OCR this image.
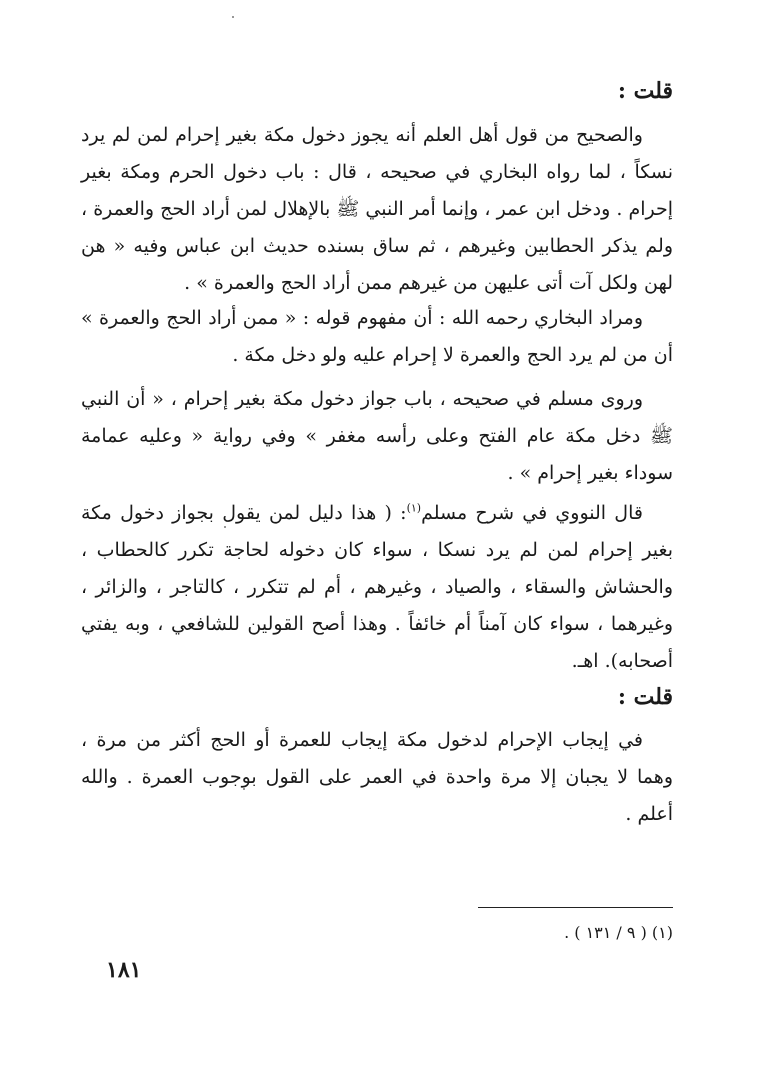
قلت :

والصحيح من قول أهل العلم أنه يجوز دخول مكة بغير إحرام لمن لم يرد نسكاً ، لما رواه البخاري في صحيحه ، قال : باب دخول الحرم ومكة بغير إحرام . ودخل ابن عمر ، وإنما أمر النبي ﷺ بالإهلال لمن أراد الحج والعمرة ، ولم يذكر الحطابين وغيرهم ، ثم ساق بسنده حديث ابن عباس وفيه « هن لهن ولكل آت أتى عليهن من غيرهم ممن أراد الحج والعمرة » .

ومراد البخاري رحمه الله : أن مفهوم قوله : « ممن أراد الحج والعمرة » أن من لم يرد الحج والعمرة لا إحرام عليه ولو دخل مكة .

وروى مسلم في صحيحه ، باب جواز دخول مكة بغير إحرام ، « أن النبي ﷺ دخل مكة عام الفتح وعلى رأسه مغفر » وفي رواية « وعليه عمامة سوداء بغير إحرام » .

قال النووي في شرح مسلم$^{(١)}$: ( هذا دليل لمن يقول بجواز دخول مكة بغير إحرام لمن لم يرد نسكا ، سواء كان دخوله لحاجة تكرر كالحطاب ، والحشاش والسقاء ، والصياد ، وغيرهم ، أم لم تتكرر ، كالتاجر ، والزائر ، وغيرهما ، سواء كان آمناً أم خائفاً . وهذا أصح القولين للشافعي ، وبه يفتي أصحابه). اهـ.

قلت :

في إيجاب الإحرام لدخول مكة إيجاب للعمرة أو الحج أكثر من مرة ، وهما لا يجبان إلا مرة واحدة في العمر على القول بوجوب العمرة . والله أعلم .

(١) ( ٩ / ١٣١ ) .
١٨١
